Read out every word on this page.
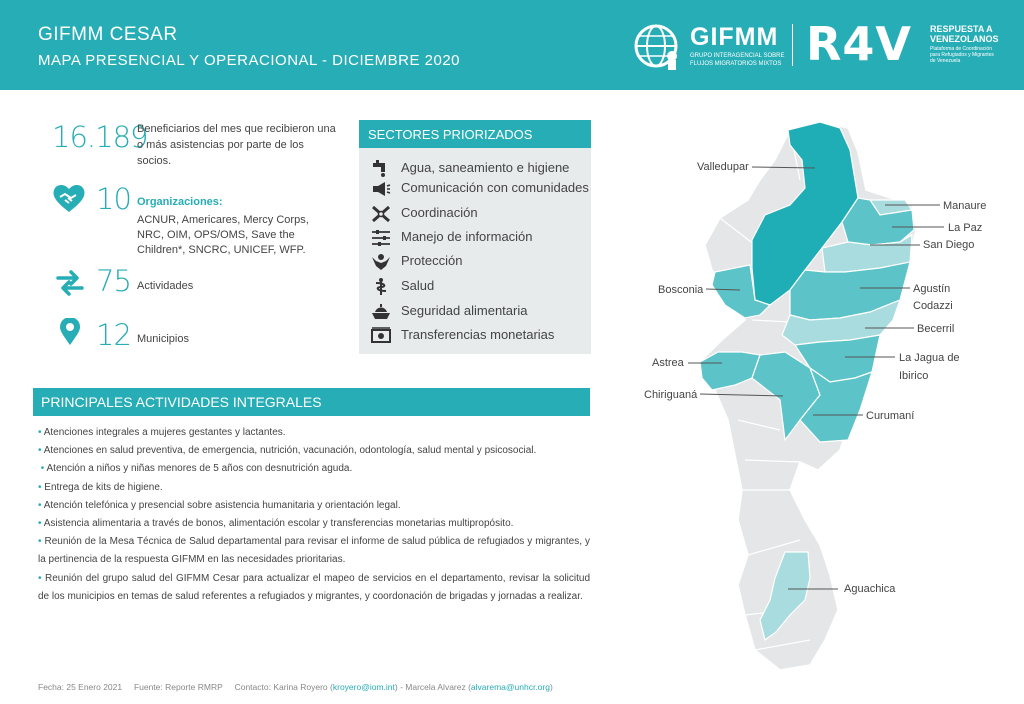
GIFMM CESAR
MAPA PRESENCIAL Y OPERACIONAL - DICIEMBRE 2020
GIFMM
GRUPO INTERAGENCIAL SOBRE FLUJOS MIGRATORIOS MIXTOS R4V RESPUESTA A VENEZOLANOS
Plataforma de Coordinación para Refugiados y Migrantes de Venezuela
16.189
Beneficiarios del mes que recibieron una o más asistencias por parte de los socios.
10 Organizaciones:
ACNUR, Americares, Mercy Corps, NRC, OIM, OPS/OMS, Save the Children*, SNCRC, UNICEF, WFP.
75 Actividades
12 Municipios
SECTORES PRIORIZADOS
Agua, saneamiento e higiene
Comunicación con comunidades
Coordinación
Manejo de información
Protección
Salud
Seguridad alimentaria
Transferencias monetarias
PRINCIPALES ACTIVIDADES INTEGRALES

• Atenciones integrales a mujeres gestantes y lactantes.

• Atenciones en salud preventiva, de emergencia, nutrición, vacunación, odontología, salud mental y psicosocial.

• Atención a niños y niñas menores de 5 años con desnutrición aguda.

• Entrega de kits de higiene.

• Atención telefónica y presencial sobre asistencia humanitaria y orientación legal.

• Asistencia alimentaria a través de bonos, alimentación escolar y transferencias monetarias multipropósito.

• Reunión de la Mesa Técnica de Salud departamental para revisar el informe de salud pública de refugiados y migrantes, y la pertinencia de la respuesta GIFMM en las necesidades prioritarias.

• Reunión del grupo salud del GIFMM Cesar para actualizar el mapeo de servicios en el departamento, revisar la solicitud de los municipios en temas de salud referentes a refugiados y migrantes, y coordonación de brigadas y jornadas a realizar.

Valledupar
Manaure
La Paz
San Diego
Bosconia	Agustín
Codazzi
Becerril
La Jagua de
Ibirico
Astrea
Chiriguaná
Curumaní
Aguachica
Fecha: 25 Enero 2021 Fuente: Reporte RMRP Contacto: Karina Royero (kroyero@iom.int) - Marcela Alvarez (alvarema@unhcr.org)
